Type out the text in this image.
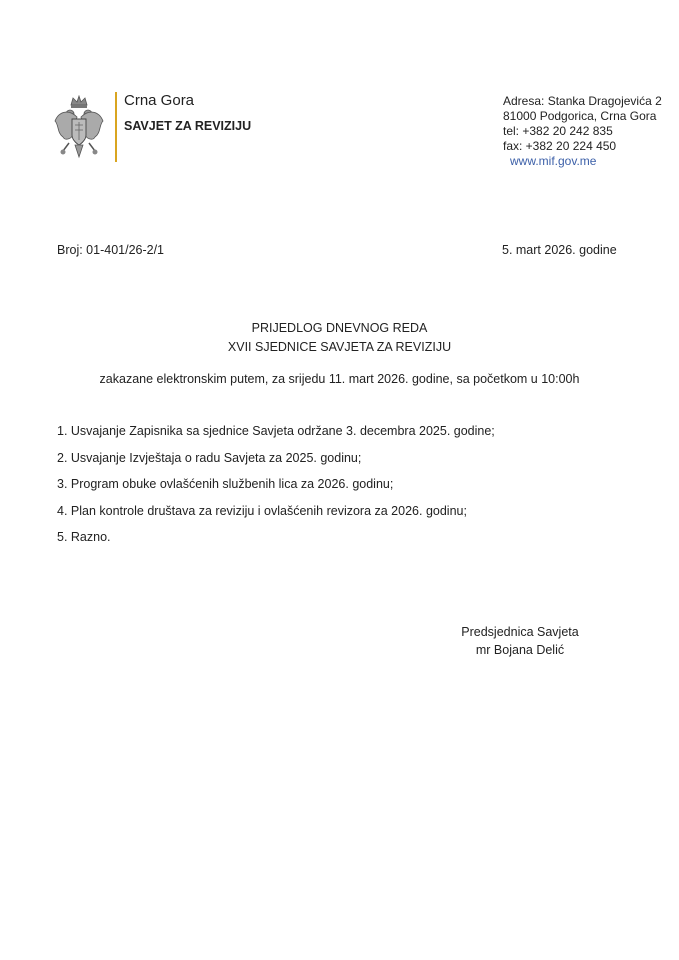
Crna Gora
SAVJET ZA REVIZIJU
Adresa: Stanka Dragojevića 2
81000 Podgorica, Crna Gora
tel: +382 20 242 835
fax: +382 20 224 450
www.mif.gov.me
Broj: 01-401/26-2/1	5. mart 2026. godine
PRIJEDLOG DNEVNOG REDA
XVII SJEDNICE SAVJETA ZA REVIZIJU
zakazane elektronskim putem, za srijedu 11. mart 2026. godine, sa početkom u 10:00h
1. Usvajanje Zapisnika sa sjednice Savjeta održane 3. decembra 2025. godine;
2. Usvajanje Izvještaja o radu Savjeta za 2025. godinu;
3. Program obuke ovlašćenih službenih lica za 2026. godinu;
4. Plan kontrole društava za reviziju i ovlašćenih revizora za 2026. godinu;
5. Razno.
Predsjednica Savjeta
mr Bojana Delić
